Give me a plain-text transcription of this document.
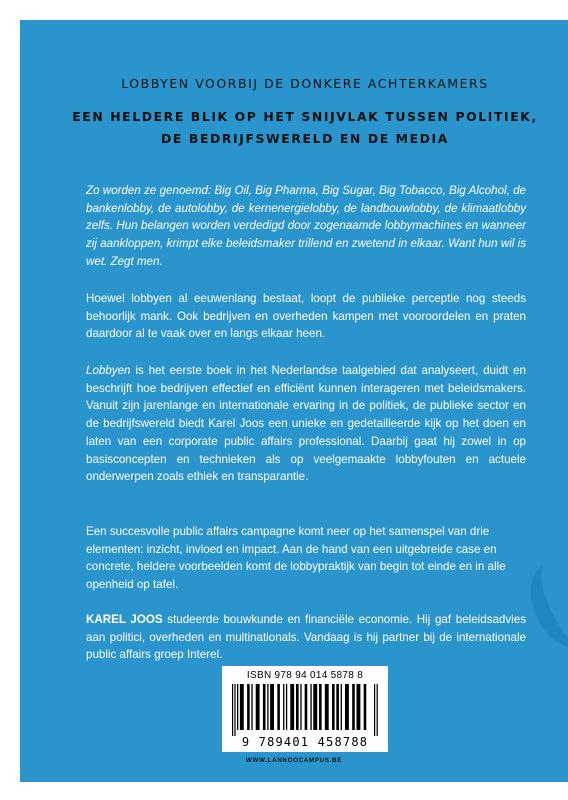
LOBBYEN VOORBIJ DE DONKERE ACHTERKAMERS
EEN HELDERE BLIK OP HET SNIJVLAK TUSSEN POLITIEK, DE BEDRIJFSWERELD EN DE MEDIA

Zo worden ze genoemd: Big Oil, Big Pharma, Big Sugar, Big Tobacco, Big Alcohol, de bankenlobby, de autolobby, de kernenergielobby, de landbouwlobby, de klimaatlobby zelfs. Hun belangen worden verdedigd door zogenaamde lobbymachines en wanneer zij aankloppen, krimpt elke beleidsmaker trillend en zwetend in elkaar. Want hun wil is wet. Zegt men.

Hoewel lobbyen al eeuwenlang bestaat, loopt de publieke perceptie nog steeds behoorlijk mank. Ook bedrijven en overheden kampen met vooroordelen en praten daardoor al te vaak over en langs elkaar heen.

Lobbyen is het eerste boek in het Nederlandse taalgebied dat analyseert, duidt en beschrijft hoe bedrijven effectief en efficiënt kunnen interageren met beleidsmakers. Vanuit zijn jarenlange en internationale ervaring in de politiek, de publieke sector en de bedrijfswereld biedt Karel Joos een unieke en gedetailleerde kijk op het doen en laten van een corporate public affairs professional. Daarbij gaat hij zowel in op basisconcepten en technieken als op veelgemaakte lobbyfouten en actuele onderwerpen zoals ethiek en transparantie.

Een succesvolle public affairs campagne komt neer op het samenspel van drie elementen: inzicht, invloed en impact. Aan de hand van een uitgebreide case en concrete, heldere voorbeelden komt de lobbypraktijk van begin tot einde en in alle openheid op tafel.

KAREL JOOS studeerde bouwkunde en financiële economie. Hij gaf beleidsadvies aan politici, overheden en multinationals. Vandaag is hij partner bij de internationale public affairs groep Interel.

ISBN 978 94 014 5878 8
9 789401 458788
WWW.LANNOOCAMPUS.BE
